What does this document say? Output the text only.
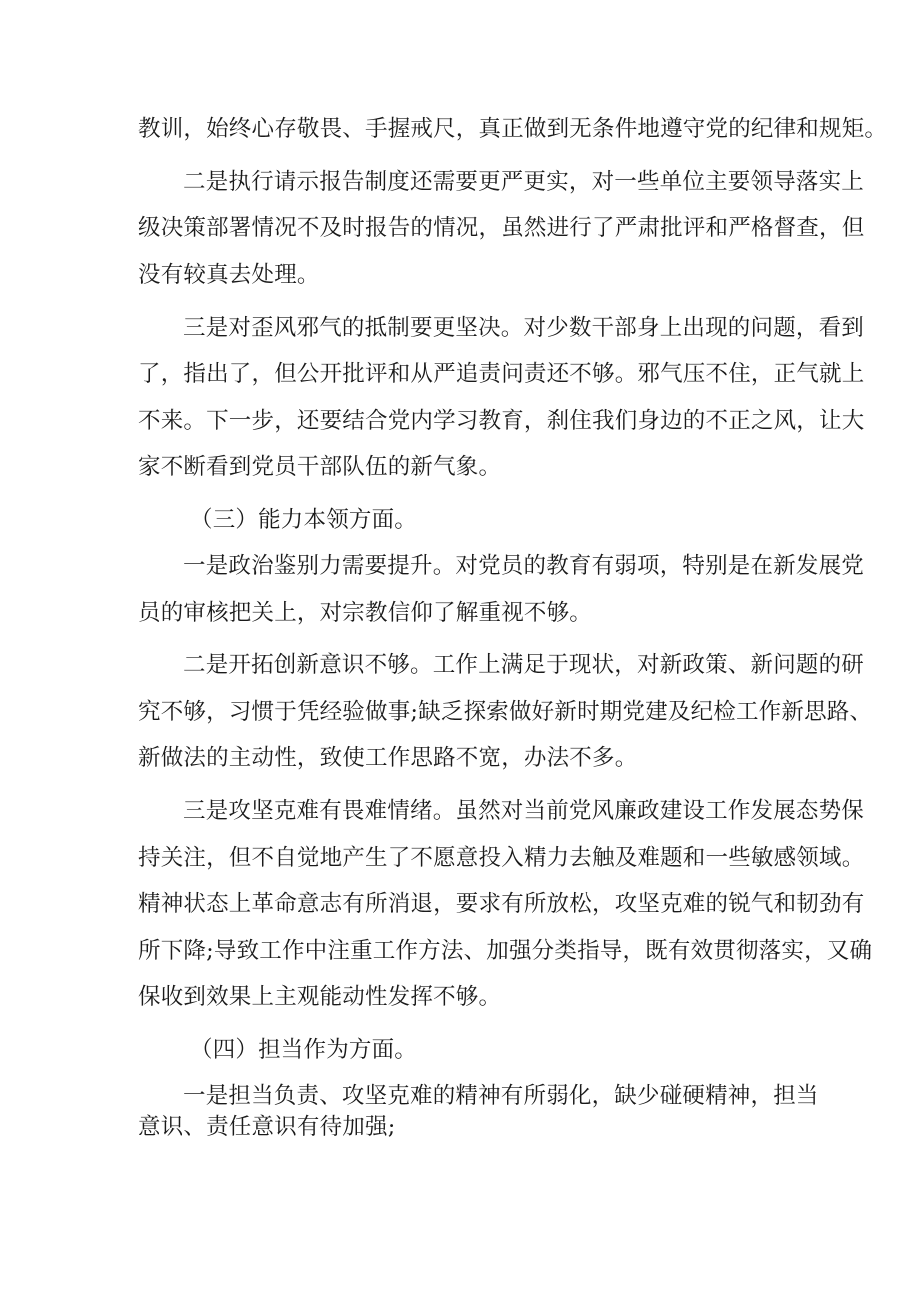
教训，始终心存敬畏、手握戒尺，真正做到无条件地遵守党的纪律和规矩。
二是执行请示报告制度还需要更严更实，对一些单位主要领导落实上
级决策部署情况不及时报告的情况，虽然进行了严肃批评和严格督查，但
没有较真去处理。
三是对歪风邪气的抵制要更坚决。对少数干部身上出现的问题，看到
了，指出了，但公开批评和从严追责问责还不够。邪气压不住，正气就上
不来。下一步，还要结合党内学习教育，刹住我们身边的不正之风，让大
家不断看到党员干部队伍的新气象。
（三）能力本领方面。
一是政治鉴别力需要提升。对党员的教育有弱项，特别是在新发展党
员的审核把关上，对宗教信仰了解重视不够。
二是开拓创新意识不够。工作上满足于现状，对新政策、新问题的研
究不够，习惯于凭经验做事;缺乏探索做好新时期党建及纪检工作新思路、
新做法的主动性，致使工作思路不宽，办法不多。
三是攻坚克难有畏难情绪。虽然对当前党风廉政建设工作发展态势保
持关注，但不自觉地产生了不愿意投入精力去触及难题和一些敏感领域。
精神状态上革命意志有所消退，要求有所放松，攻坚克难的锐气和韧劲有
所下降;导致工作中注重工作方法、加强分类指导，既有效贯彻落实，又确
保收到效果上主观能动性发挥不够。
（四）担当作为方面。
一是担当负责、攻坚克难的精神有所弱化，缺少碰硬精神，担当
意识、责任意识有待加强;
